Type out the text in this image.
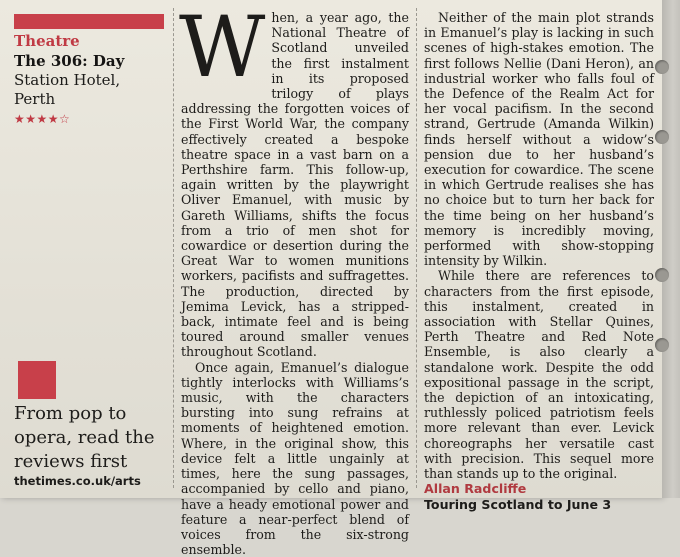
Theatre
The 306: Day
Station Hotel, Perth
★★★★☆
From pop to opera, read the reviews first
thetimes.co.uk/arts
W hen, a year ago, the National Theatre of Scotland unveiled the first instalment in its proposed trilogy of plays addressing the forgotten voices of the First World War, the company effectively created a bespoke theatre space in a vast barn on a Perthshire farm. This follow-up, again written by the playwright Oliver Emanuel, with music by Gareth Williams, shifts the focus from a trio of men shot for cowardice or desertion during the Great War to women munitions workers, pacifists and suffragettes. The production, directed by Jemima Levick, has a stripped-back, intimate feel and is being toured around smaller venues throughout Scotland.

Once again, Emanuel’s dialogue tightly interlocks with Williams’s music, with the characters bursting into sung refrains at moments of heightened emotion. Where, in the original show, this device felt a little ungainly at times, here the sung passages, accompanied by cello and piano, have a heady emotional power and feature a near-perfect blend of voices from the six-strong ensemble.

Neither of the main plot strands in Emanuel’s play is lacking in such scenes of high-stakes emotion. The first follows Nellie (Dani Heron), an industrial worker who falls foul of the Defence of the Realm Act for her vocal pacifism. In the second strand, Gertrude (Amanda Wilkin) finds herself without a widow’s pension due to her husband’s execution for cowardice. The scene in which Gertrude realises she has no choice but to turn her back for the time being on her husband’s memory is incredibly moving, performed with show-stopping intensity by Wilkin.

While there are references to characters from the first episode, this instalment, created in association with Stellar Quines, Perth Theatre and Red Note Ensemble, is also clearly a standalone work. Despite the odd expositional passage in the script, the depiction of an intoxicating, ruthlessly policed patriotism feels more relevant than ever. Levick choreographs her versatile cast with precision. This sequel more than stands up to the original.

Allan Radcliffe

Touring Scotland to June 3
